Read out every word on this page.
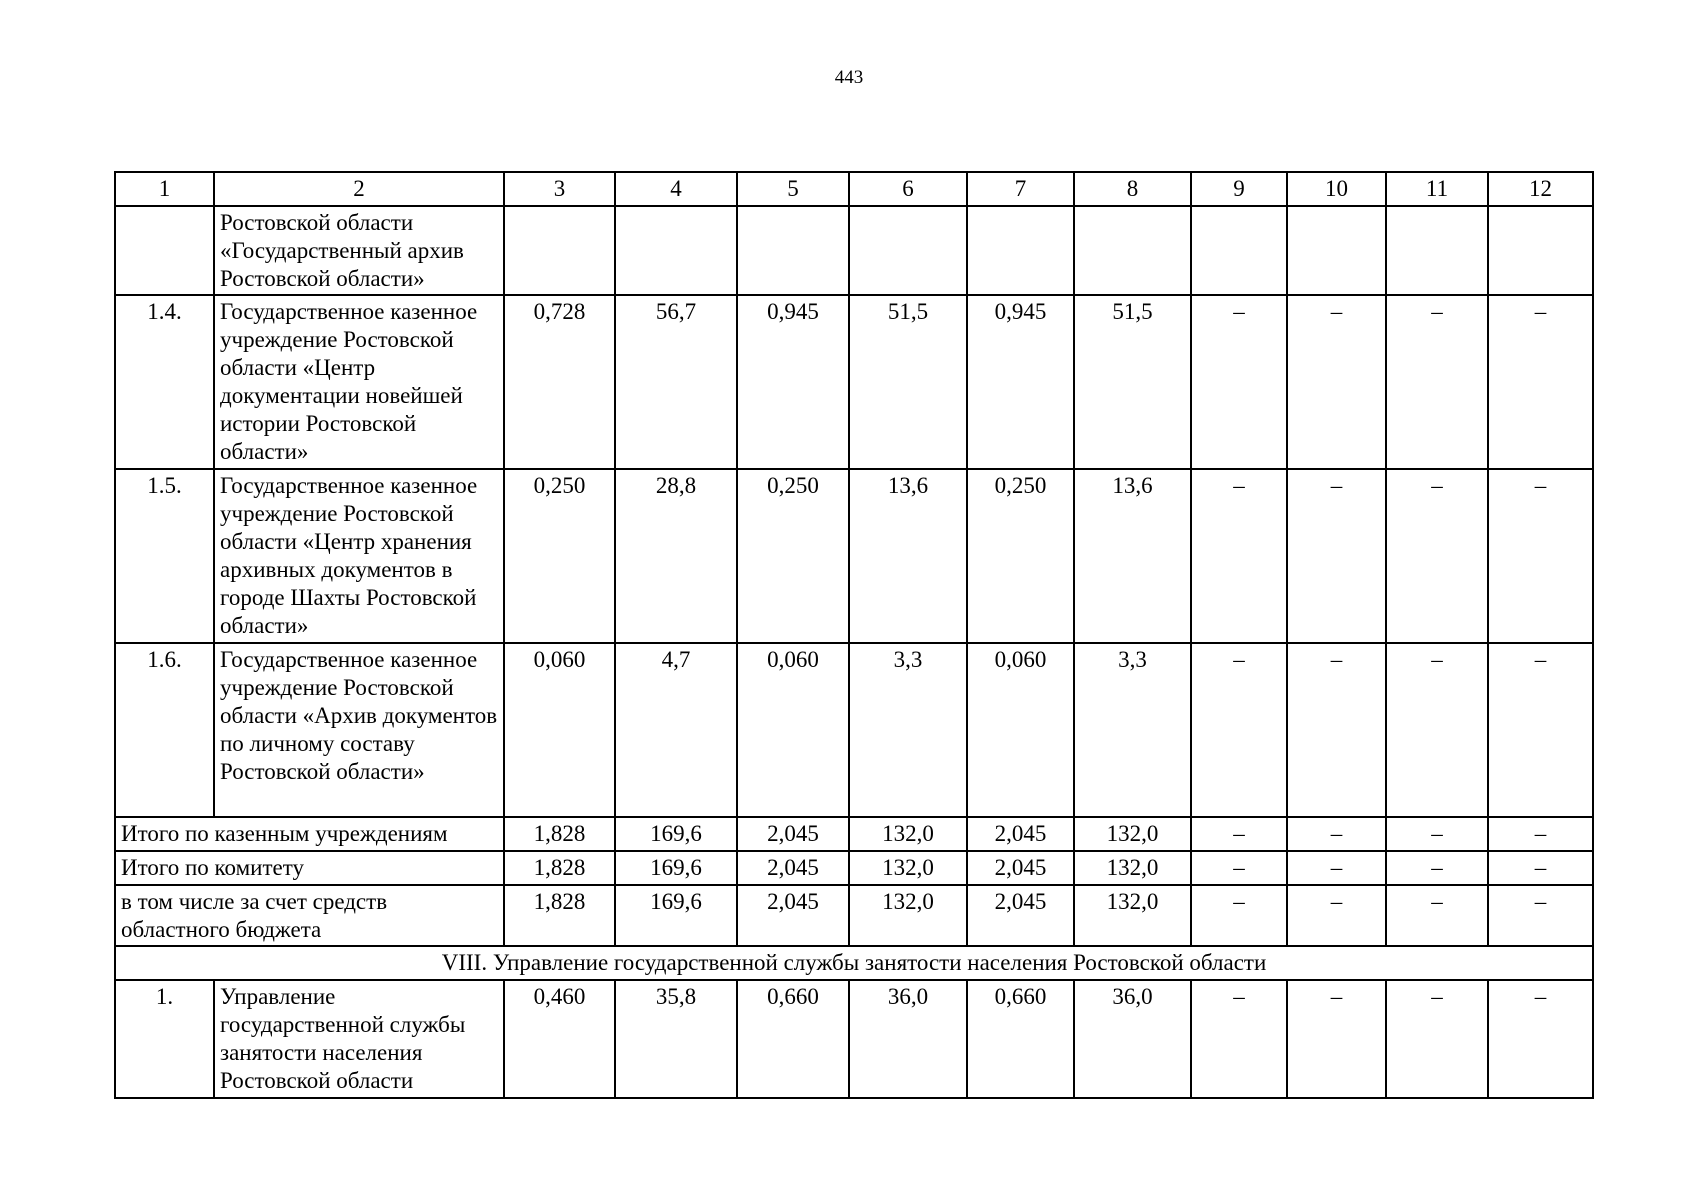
443
1	2	3	4	5	6	7	8	9	10	11	12
	Ростовской области «Государственный архив Ростовской области»										
1.4.	Государственное казенное учреждение Ростовской области «Центр документации новейшей истории Ростовской области»	0,728	56,7	0,945	51,5	0,945	51,5	–	–	–	–
1.5.	Государственное казенное учреждение Ростовской области «Центр хранения архивных документов в городе Шахты Ростовской области»	0,250	28,8	0,250	13,6	0,250	13,6	–	–	–	–
1.6.	Государственное казенное учреждение Ростовской области «Архив документов по личному составу Ростовской области»	0,060	4,7	0,060	3,3	0,060	3,3	–	–	–	–
Итого по казенным учреждениям		1,828	169,6	2,045	132,0	2,045	132,0	–	–	–	–
Итого по комитету		1,828	169,6	2,045	132,0	2,045	132,0	–	–	–	–
в том числе за счет средств областного бюджета		1,828	169,6	2,045	132,0	2,045	132,0	–	–	–	–
VIII. Управление государственной службы занятости населения Ростовской области											
1.	Управление государственной службы занятости населения Ростовской области	0,460	35,8	0,660	36,0	0,660	36,0	–	–	–	–
